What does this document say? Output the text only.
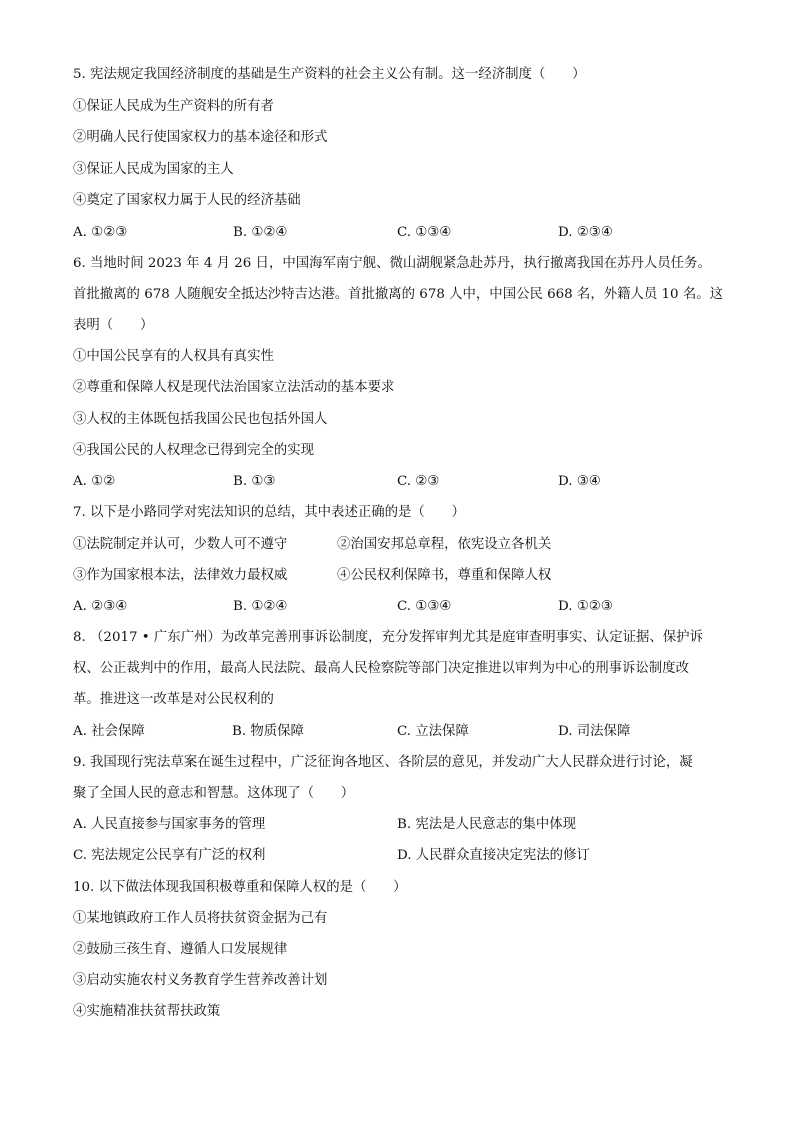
5. 宪法规定我国经济制度的基础是生产资料的社会主义公有制。这一经济制度（　　）
①保证人民成为生产资料的所有者
②明确人民行使国家权力的基本途径和形式
③保证人民成为国家的主人
④奠定了国家权力属于人民的经济基础
A. ①②③	B. ①②④	C. ①③④	D. ②③④
6. 当地时间 2023 年 4 月 26 日，中国海军南宁舰、微山湖舰紧急赴苏丹，执行撤离我国在苏丹人员任务。
首批撤离的 678 人随舰安全抵达沙特吉达港。首批撤离的 678 人中，中国公民 668 名，外籍人员 10 名。这
表明（　　）
①中国公民享有的人权具有真实性
②尊重和保障人权是现代法治国家立法活动的基本要求
③人权的主体既包括我国公民也包括外国人
④我国公民的人权理念已得到完全的实现
A. ①②	B. ①③	C. ②③	D. ③④
7. 以下是小路同学对宪法知识的总结，其中表述正确的是（　　）
①法院制定并认可，少数人可不遵守	②治国安邦总章程，依宪设立各机关
③作为国家根本法，法律效力最权威	④公民权利保障书，尊重和保障人权
A. ②③④	B. ①②④	C. ①③④	D. ①②③
8. （2017 • 广东广州）为改革完善刑事诉讼制度，充分发挥审判尤其是庭审查明事实、认定证据、保护诉
权、公正裁判中的作用，最高人民法院、最高人民检察院等部门决定推进以审判为中心的刑事诉讼制度改
革。推进这一改革是对公民权利的
A. 社会保障	B. 物质保障	C. 立法保障	D. 司法保障
9. 我国现行宪法草案在诞生过程中，广泛征询各地区、各阶层的意见，并发动广大人民群众进行讨论，凝
聚了全国人民的意志和智慧。这体现了（　　）
A. 人民直接参与国家事务的管理	B. 宪法是人民意志的集中体现
C. 宪法规定公民享有广泛的权利	D. 人民群众直接决定宪法的修订
10. 以下做法体现我国积极尊重和保障人权的是（　　）
①某地镇政府工作人员将扶贫资金据为己有
②鼓励三孩生育、遵循人口发展规律
③启动实施农村义务教育学生营养改善计划
④实施精准扶贫帮扶政策
